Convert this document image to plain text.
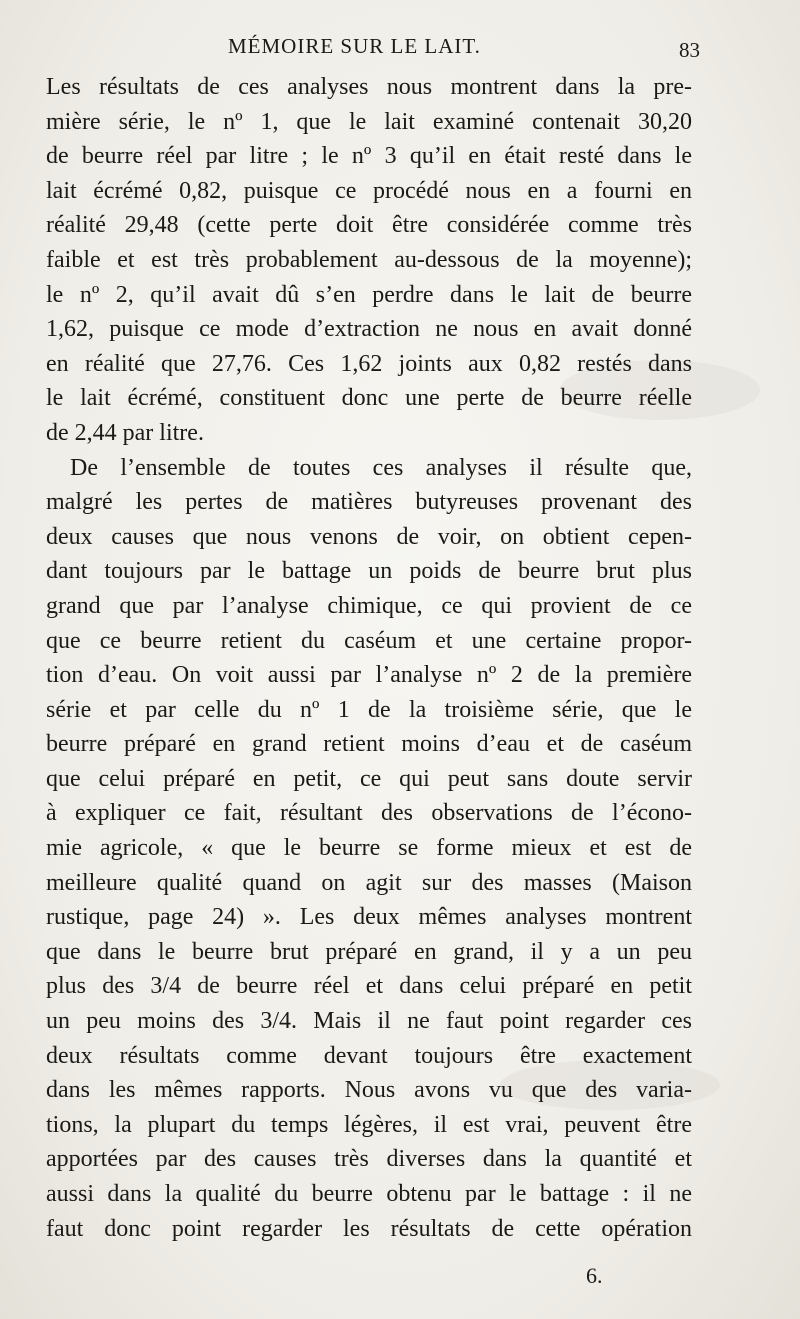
MÉMOIRE SUR LE LAIT.	83
Les résultats de ces analyses nous montrent dans la pre-
mière série, le nº 1, que le lait examiné contenait 30,20
de beurre réel par litre ; le nº 3 qu’il en était resté dans le
lait écrémé 0,82, puisque ce procédé nous en a fourni en
réalité 29,48 (cette perte doit être considérée comme très
faible et est très probablement au-dessous de la moyenne);
le nº 2, qu’il avait dû s’en perdre dans le lait de beurre
1,62, puisque ce mode d’extraction ne nous en avait donné
en réalité que 27,76. Ces 1,62 joints aux 0,82 restés dans
le lait écrémé, constituent donc une perte de beurre réelle
de 2,44 par litre.
De l’ensemble de toutes ces analyses il résulte que,
malgré les pertes de matières butyreuses provenant des
deux causes que nous venons de voir, on obtient cepen-
dant toujours par le battage un poids de beurre brut plus
grand que par l’analyse chimique, ce qui provient de ce
que ce beurre retient du caséum et une certaine propor-
tion d’eau. On voit aussi par l’analyse nº 2 de la première
série et par celle du nº 1 de la troisième série, que le
beurre préparé en grand retient moins d’eau et de caséum
que celui préparé en petit, ce qui peut sans doute servir
à expliquer ce fait, résultant des observations de l’écono-
mie agricole, « que le beurre se forme mieux et est de
meilleure qualité quand on agit sur des masses (Maison
rustique, page 24) ». Les deux mêmes analyses montrent
que dans le beurre brut préparé en grand, il y a un peu
plus des 3/4 de beurre réel et dans celui préparé en petit
un peu moins des 3/4. Mais il ne faut point regarder ces
deux résultats comme devant toujours être exactement
dans les mêmes rapports. Nous avons vu que des varia-
tions, la plupart du temps légères, il est vrai, peuvent être
apportées par des causes très diverses dans la quantité et
aussi dans la qualité du beurre obtenu par le battage : il ne
faut donc point regarder les résultats de cette opération
6.
